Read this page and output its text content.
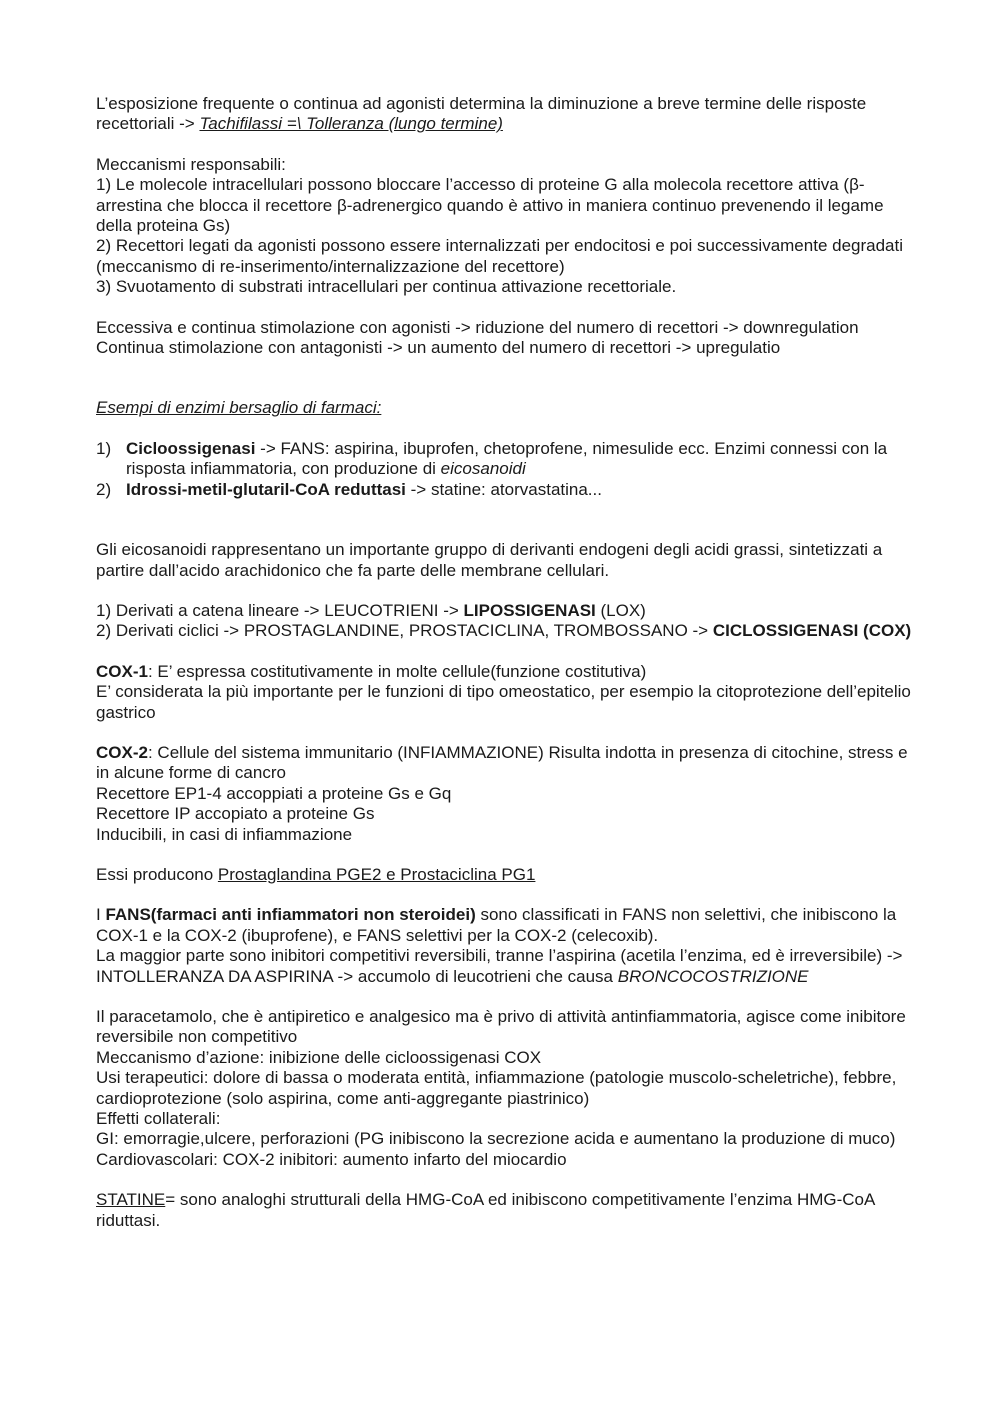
L’esposizione frequente o continua ad agonisti determina la diminuzione a breve termine delle risposte recettoriali -> Tachifilassi =\ Tolleranza (lungo termine)

Meccanismi responsabili:

1) Le molecole intracellulari possono bloccare l’accesso di proteine G alla molecola recettore attiva (β-arrestina che blocca il recettore β-adrenergico quando è attivo in maniera continuo prevenendo il legame della proteina Gs)

2) Recettori legati da agonisti possono essere internalizzati per endocitosi e poi successivamente degradati (meccanismo di re-inserimento/internalizzazione del recettore)

3) Svuotamento di substrati intracellulari per continua attivazione recettoriale.

Eccessiva e continua stimolazione con agonisti -> riduzione del numero di recettori -> downregulation

Continua stimolazione con antagonisti -> un aumento del numero di recettori -> upregulatio

Esempi di enzimi bersaglio di farmaci:

1) Cicloossigenasi -> FANS: aspirina, ibuprofen, chetoprofene, nimesulide ecc. Enzimi connessi con la risposta infiammatoria, con produzione di eicosanoidi
2) Idrossi-metil-glutaril-CoA reduttasi -> statine: atorvastatina...

Gli eicosanoidi rappresentano un importante gruppo di derivanti endogeni degli acidi grassi, sintetizzati a partire dall’acido arachidonico che fa parte delle membrane cellulari.

1) Derivati a catena lineare -> LEUCOTRIENI -> LIPOSSIGENASI (LOX)

2) Derivati ciclici -> PROSTAGLANDINE, PROSTACICLINA, TROMBOSSANO -> CICLOSSIGENASI (COX)

COX-1: E’ espressa costitutivamente in molte cellule(funzione costitutiva)

E’ considerata la più importante per le funzioni di tipo omeostatico, per esempio la citoprotezione dell’epitelio gastrico

COX-2: Cellule del sistema immunitario (INFIAMMAZIONE) Risulta indotta in presenza di citochine, stress e in alcune forme di cancro

Recettore EP1-4 accoppiati a proteine Gs e Gq

Recettore IP accopiato a proteine Gs

Inducibili, in casi di infiammazione

Essi producono Prostaglandina PGE2 e Prostaciclina PG1

I FANS(farmaci anti infiammatori non steroidei) sono classificati in FANS non selettivi, che inibiscono la COX-1 e la COX-2 (ibuprofene), e FANS selettivi per la COX-2 (celecoxib).

La maggior parte sono inibitori competitivi reversibili, tranne l’aspirina (acetila l’enzima, ed è irreversibile) -> INTOLLERANZA DA ASPIRINA -> accumolo di leucotrieni che causa BRONCOCOSTRIZIONE

Il paracetamolo, che è antipiretico e analgesico ma è privo di attività antinfiammatoria, agisce come inibitore reversibile non competitivo

Meccanismo d’azione: inibizione delle cicloossigenasi COX

Usi terapeutici: dolore di bassa o moderata entità, infiammazione (patologie muscolo-scheletriche), febbre, cardioprotezione (solo aspirina, come anti-aggregante piastrinico)

Effetti collaterali:

GI: emorragie,ulcere, perforazioni (PG inibiscono la secrezione acida e aumentano la produzione di muco) Cardiovascolari: COX-2 inibitori: aumento infarto del miocardio

STATINE= sono analoghi strutturali della HMG-CoA ed inibiscono competitivamente l’enzima HMG-CoA riduttasi.
